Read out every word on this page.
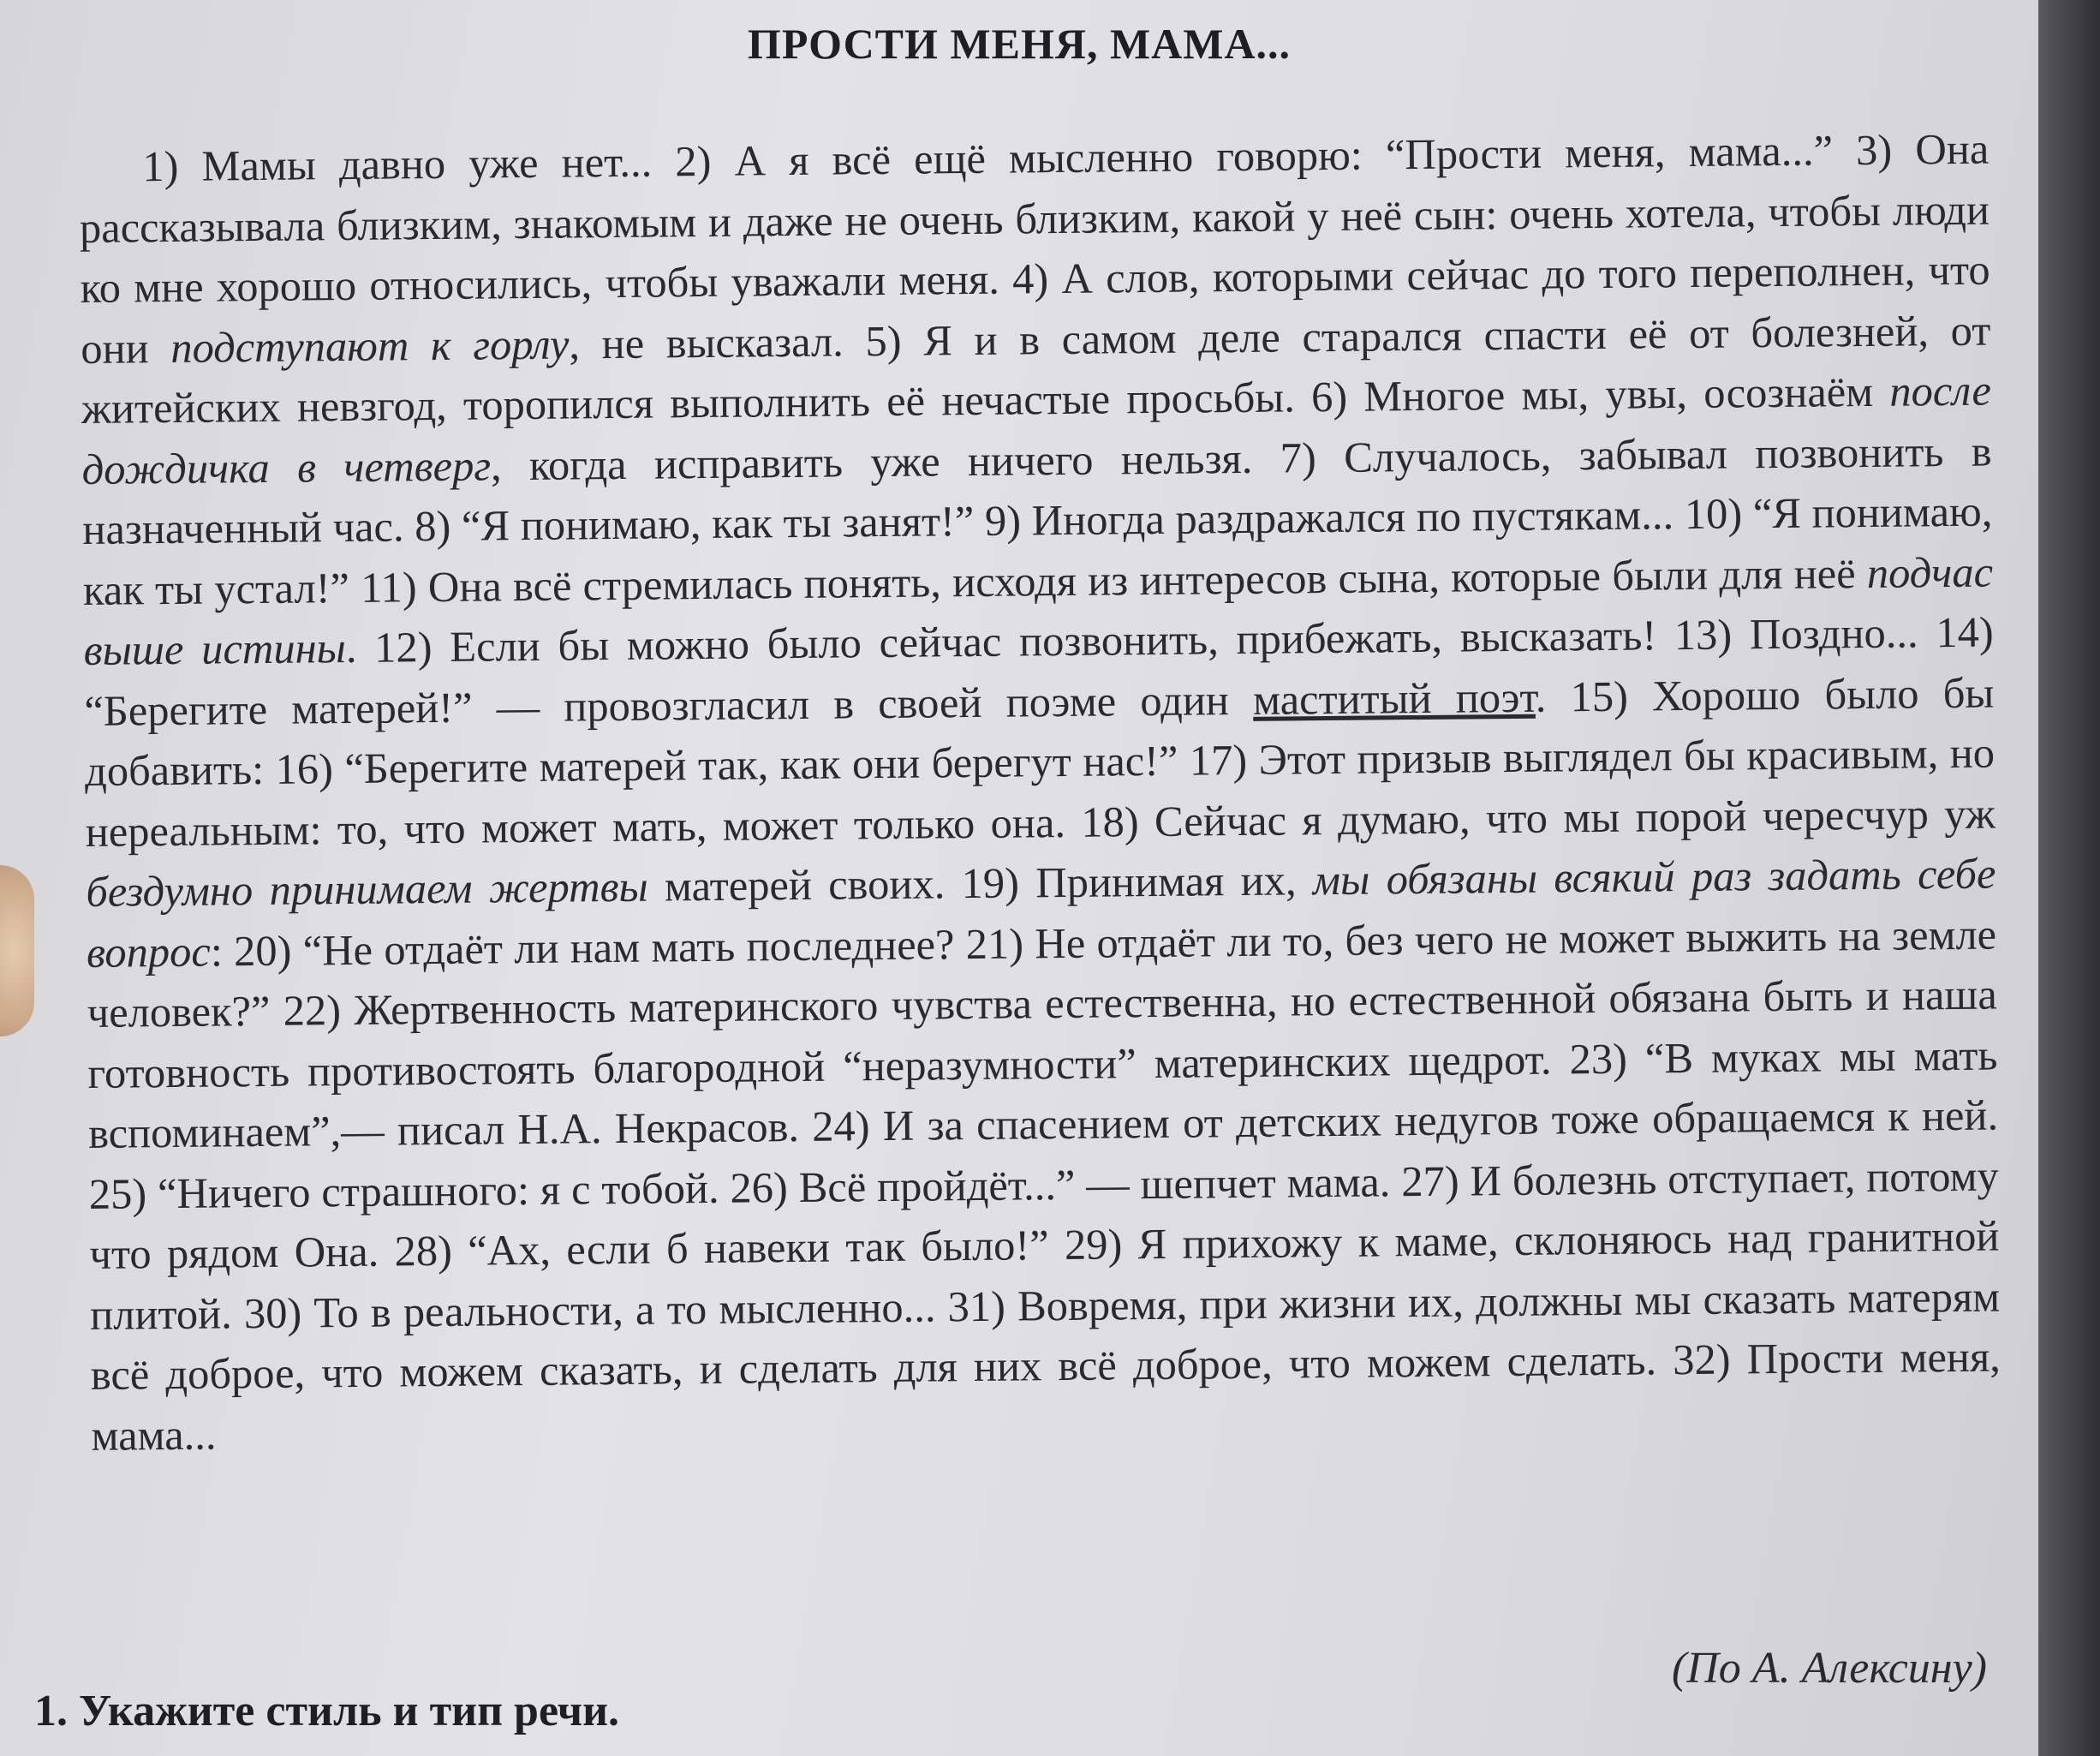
ПРОСТИ МЕНЯ, МАМА...
1) Мамы давно уже нет... 2) А я всё ещё мысленно говорю: “Прости меня, мама...” 3) Она рассказывала близким, знакомым и даже не очень близким, какой у неё сын: очень хотела, чтобы люди ко мне хорошо относились, чтобы уважали меня. 4) А слов, которыми сейчас до того переполнен, что они подступают к горлу, не высказал. 5) Я и в самом деле старался спасти её от болезней, от житейских невзгод, торопился выполнить её нечастые просьбы. 6) Многое мы, увы, осознаём после дождичка в четверг, когда исправить уже ничего нельзя. 7) Случалось, забывал позвонить в назначенный час. 8) “Я понимаю, как ты занят!” 9) Иногда раздражался по пустякам... 10) “Я понимаю, как ты устал!” 11) Она всё стремилась понять, исходя из интересов сына, которые были для неё подчас выше истины. 12) Если бы можно было сейчас позвонить, прибежать, высказать! 13) Поздно... 14) “Берегите матерей!” — провозгласил в своей поэме один маститый поэт. 15) Хорошо было бы добавить: 16) “Берегите матерей так, как они берегут нас!” 17) Этот призыв выглядел бы красивым, но нереальным: то, что может мать, может только она. 18) Сейчас я думаю, что мы порой чересчур уж бездумно принимаем жертвы матерей своих. 19) Принимая их, мы обязаны всякий раз задать себе вопрос: 20) “Не отдаёт ли нам мать последнее? 21) Не отдаёт ли то, без чего не может выжить на земле человек?” 22) Жертвенность материнского чувства естественна, но естественной обязана быть и наша готовность противостоять благородной “неразумности” материнских щедрот. 23) “В муках мы мать вспоминаем”,— писал Н.А. Некрасов. 24) И за спасением от детских недугов тоже обращаемся к ней. 25) “Ничего страшного: я с тобой. 26) Всё пройдёт...” — шепчет мама. 27) И болезнь отступает, потому что рядом Она. 28) “Ах, если б навеки так было!” 29) Я прихожу к маме, склоняюсь над гранитной плитой. 30) То в реальности, а то мысленно... 31) Вовремя, при жизни их, должны мы сказать матерям всё доброе, что можем сказать, и сделать для них всё доброе, что можем сделать. 32) Прости меня, мама...
(По А. Алексину)
1. Укажите стиль и тип речи.
